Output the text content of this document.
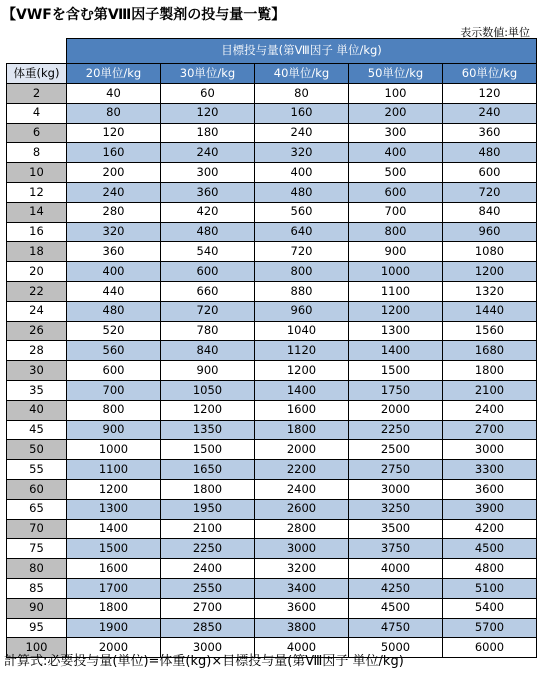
【VWFを含む第Ⅷ因子製剤の投与量一覧】
表示数値:単位
	目標投与量(第Ⅷ因子 単位/kg)				
体重(kg)	20単位/kg	30単位/kg	40単位/kg	50単位/kg	60単位/kg
2	40	60	80	100	120
4	80	120	160	200	240
6	120	180	240	300	360
8	160	240	320	400	480
10	200	300	400	500	600
12	240	360	480	600	720
14	280	420	560	700	840
16	320	480	640	800	960
18	360	540	720	900	1080
20	400	600	800	1000	1200
22	440	660	880	1100	1320
24	480	720	960	1200	1440
26	520	780	1040	1300	1560
28	560	840	1120	1400	1680
30	600	900	1200	1500	1800
35	700	1050	1400	1750	2100
40	800	1200	1600	2000	2400
45	900	1350	1800	2250	2700
50	1000	1500	2000	2500	3000
55	1100	1650	2200	2750	3300
60	1200	1800	2400	3000	3600
65	1300	1950	2600	3250	3900
70	1400	2100	2800	3500	4200
75	1500	2250	3000	3750	4500
80	1600	2400	3200	4000	4800
85	1700	2550	3400	4250	5100
90	1800	2700	3600	4500	5400
95	1900	2850	3800	4750	5700
100	2000	3000	4000	5000	6000
計算式:必要投与量(単位)=体重(kg)×目標投与量(第Ⅷ因子 単位/kg)
